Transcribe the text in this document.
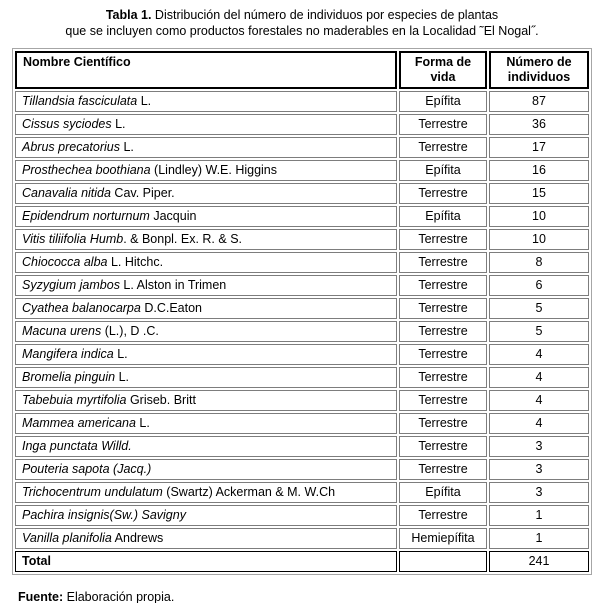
Tabla 1. Distribución del número de individuos por especies de plantas
que se incluyen como productos forestales no maderables en la Localidad ˜El Nogal˝.
Nombre Científico	Forma de vida	Número de individuos
Tillandsia fasciculata L.	Epífita	87
Cissus syciodes L.	Terrestre	36
Abrus precatorius L.	Terrestre	17
Prosthechea boothiana (Lindley) W.E. Higgins	Epífita	16
Canavalia nitida Cav. Piper.	Terrestre	15
Epidendrum norturnum Jacquin	Epífita	10
Vitis tiliifolia Humb. & Bonpl. Ex. R. & S.	Terrestre	10
Chiococca alba L. Hitchc.	Terrestre	8
Syzygium jambos L. Alston in Trimen	Terrestre	6
Cyathea balanocarpa D.C.Eaton	Terrestre	5
Macuna urens (L.), D .C.	Terrestre	5
Mangifera indica L.	Terrestre	4
Bromelia pinguin L.	Terrestre	4
Tabebuia myrtifolia Griseb. Britt	Terrestre	4
Mammea americana L.	Terrestre	4
Inga punctata Willd.	Terrestre	3
Pouteria sapota (Jacq.)	Terrestre	3
Trichocentrum undulatum (Swartz) Ackerman & M. W.Ch	Epífita	3
Pachira insignis(Sw.) Savigny	Terrestre	1
Vanilla planifolia Andrews	Hemiepífita	1
Total		241
Fuente: Elaboración propia.
